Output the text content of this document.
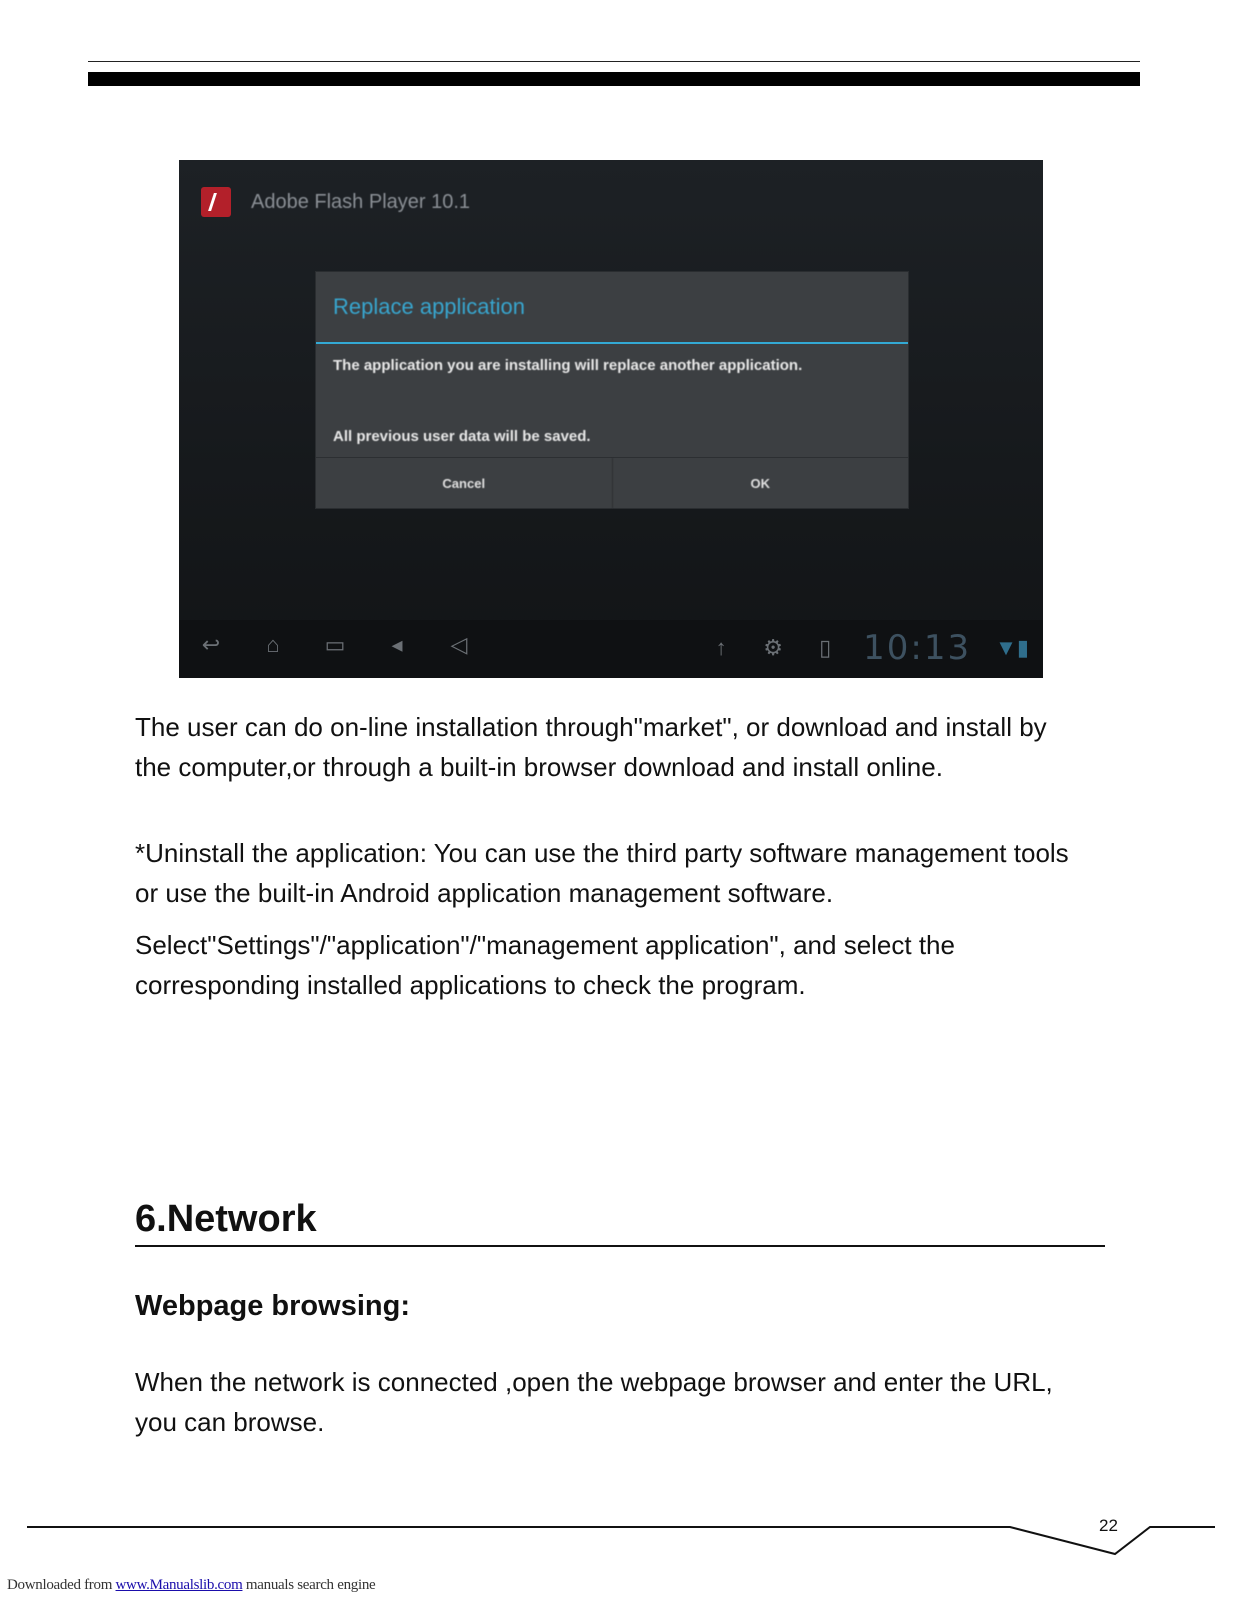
Adobe Flash Player 10.1
Replace application
The application you are installing will replace another application.
All previous user data will be saved.
Cancel	OK
↩	⌂	▭	◂	◁	↑	⚙	▯ 10:13 ▼▮
The user can do on-line installation through"market", or download and install by the computer,or through a built-in browser download and install online.
*Uninstall the application: You can use the third party software management tools or use the built-in Android application management software.
Select"Settings"/"application"/"management application", and select the corresponding installed applications to check the program.
6.Network
Webpage browsing:
When the network is connected ,open the webpage browser and enter the URL, you can browse.
22
Downloaded from www.Manualslib.com manuals search engine
